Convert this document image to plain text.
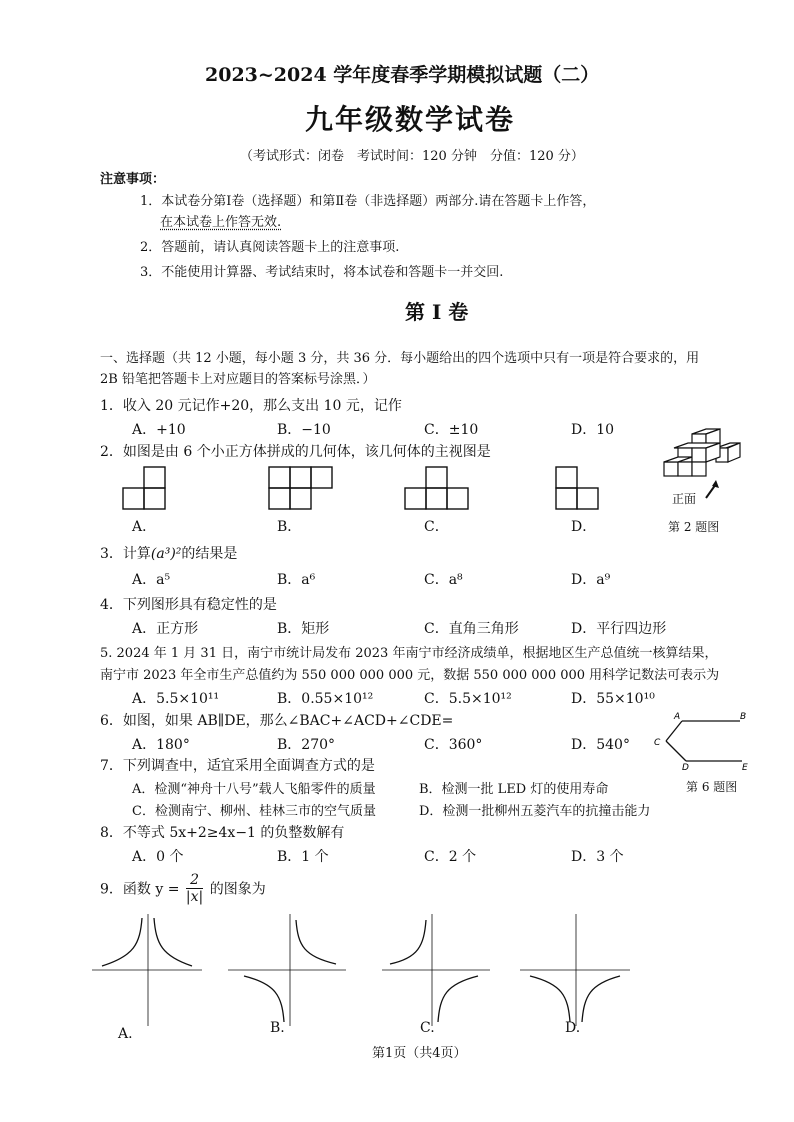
2023~2024 学年度春季学期模拟试题（二）
九年级数学试卷
（考试形式：闭卷　考试时间：120 分钟　分值：120 分）
注意事项：
1．本试卷分第Ⅰ卷（选择题）和第Ⅱ卷（非选择题）两部分.请在答题卡上作答，
在本试卷上作答无效.
2．答题前，请认真阅读答题卡上的注意事项.
3．不能使用计算器、考试结束时，将本试卷和答题卡一并交回.
第 Ⅰ 卷
一、选择题（共 12 小题，每小题 3 分，共 36 分．每小题给出的四个选项中只有一项是符合要求的，用
2B 铅笔把答题卡上对应题目的答案标号涂黑．）
1．收入 20 元记作+20，那么支出 10 元，记作
A．+10	B．−10	C．±10	D．10
2．如图是由 6 个小正方体拼成的几何体，该几何体的主视图是
A．	B．	C．	D．
正面
第 2 题图
3．计算(a³)²的结果是
A．a⁵	B．a⁶	C．a⁸	D．a⁹
4．下列图形具有稳定性的是
A．正方形	B．矩形	C．直角三角形	D．平行四边形
5. 2024 年 1 月 31 日，南宁市统计局发布 2023 年南宁市经济成绩单，根据地区生产总值统一核算结果，
南宁市 2023 年全市生产总值约为 550 000 000 000 元，数据 550 000 000 000 用科学记数法可表示为
A．5.5×10¹¹	B．0.55×10¹²	C．5.5×10¹²	D．55×10¹⁰
6．如图，如果 AB∥DE，那么∠BAC+∠ACD+∠CDE=
A．180°	B．270°	C．360°	D．540°
A	B
C
D	E
第 6 题图
7．下列调查中，适宜采用全面调查方式的是
A．检测“神舟十八号”载人飞船零件的质量	B．检测一批 LED 灯的使用寿命
C．检测南宁、柳州、桂林三市的空气质量	D．检测一批柳州五菱汽车的抗撞击能力
8．不等式 5x+2≥4x−1 的负整数解有
A．0 个	B．1 个	C．2 个	D．3 个
9．函数 $y = \frac{2}{|x|}$ 的图象为
A.	B.	C.	D.
第1页（共4页）
